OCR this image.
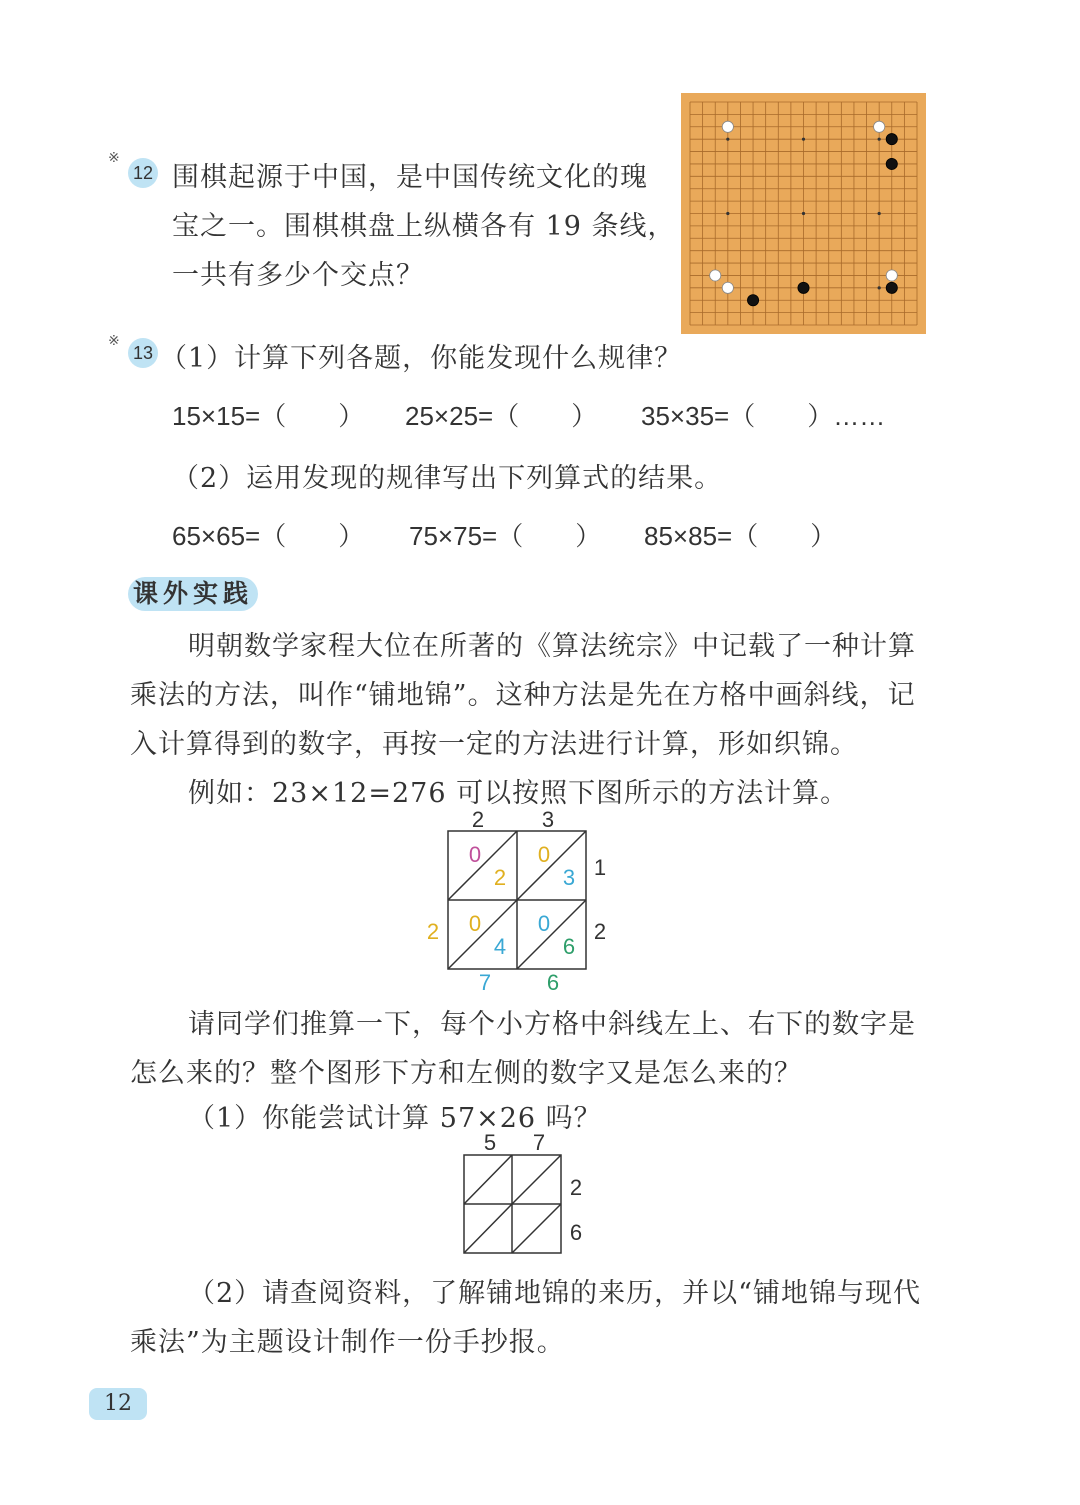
※
12 围棋起源于中国，是中国传统文化的瑰
宝之一。围棋棋盘上纵横各有 19 条线，
一共有多少个交点？
※
13 （1）计算下列各题，你能发现什么规律？
15×15=（　　） 25×25=（　　） 35×35=（　　）……
（2）运用发现的规律写出下列算式的结果。
65×65=（　　） 75×75=（　　） 85×85=（　　）
课外实践
明朝数学家程大位在所著的《算法统宗》中记载了一种计算
乘法的方法，叫作“铺地锦”。这种方法是先在方格中画斜线，记
入计算得到的数字，再按一定的方法进行计算，形如织锦。
例如：23×12=276 可以按照下图所示的方法计算。
2	3
1
2
0
2
0
3
0
4
0
6
7	6
2
请同学们推算一下，每个小方格中斜线左上、右下的数字是
怎么来的？整个图形下方和左侧的数字又是怎么来的？
（1）你能尝试计算 57×26 吗？
5 7
2
6
（2）请查阅资料，了解铺地锦的来历，并以“铺地锦与现代
乘法”为主题设计制作一份手抄报。
12
